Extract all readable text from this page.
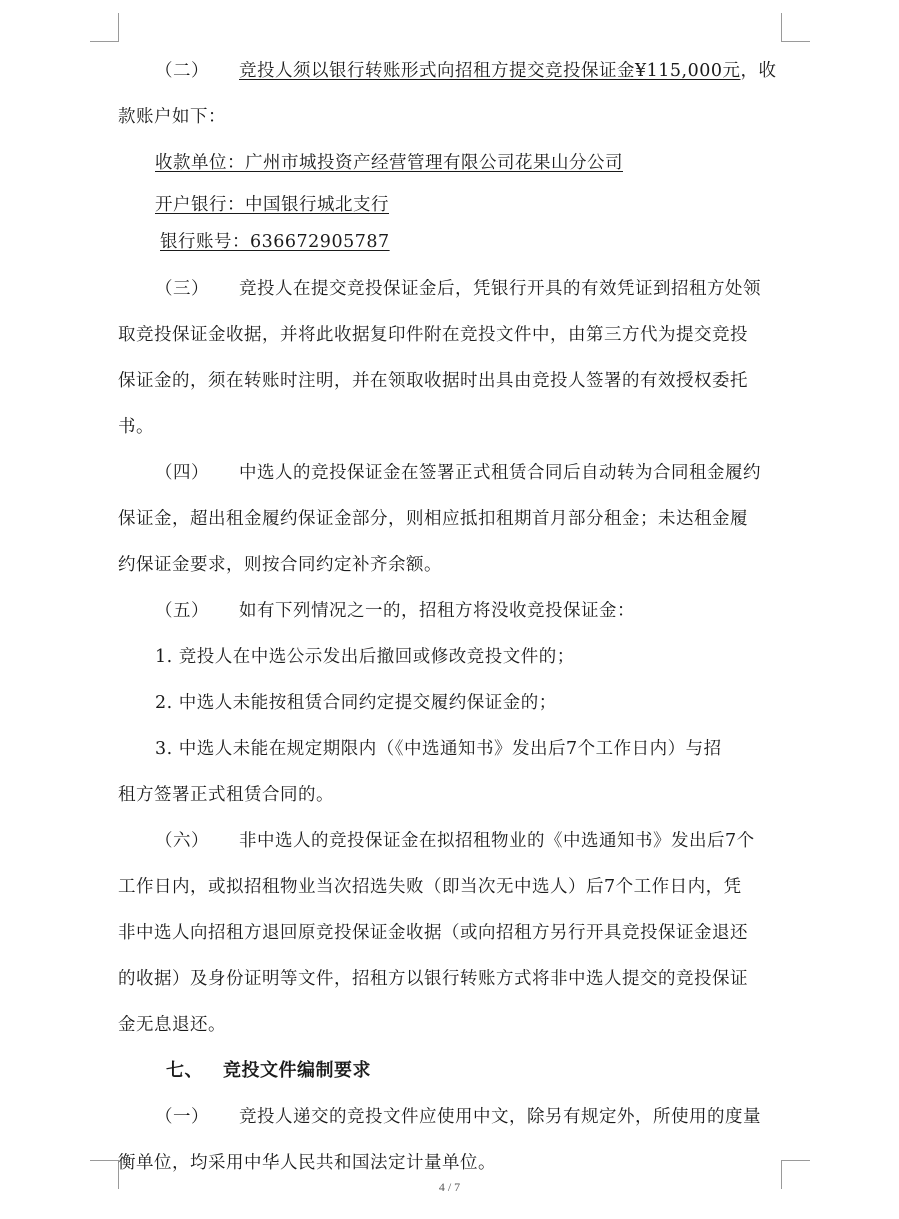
（二） 竞投人须以银行转账形式向招租方提交竞投保证金¥115,000元，收
款账户如下：
收款单位：广州市城投资产经营管理有限公司花果山分公司
开户银行：中国银行城北支行
银行账号：636672905787
（三） 竞投人在提交竞投保证金后，凭银行开具的有效凭证到招租方处领
取竞投保证金收据，并将此收据复印件附在竞投文件中，由第三方代为提交竞投
保证金的，须在转账时注明，并在领取收据时出具由竞投人签署的有效授权委托
书。
（四） 中选人的竞投保证金在签署正式租赁合同后自动转为合同租金履约
保证金，超出租金履约保证金部分，则相应抵扣租期首月部分租金；未达租金履
约保证金要求，则按合同约定补齐余额。
（五） 如有下列情况之一的，招租方将没收竞投保证金：
1. 竞投人在中选公示发出后撤回或修改竞投文件的；
2. 中选人未能按租赁合同约定提交履约保证金的；
3. 中选人未能在规定期限内（《中选通知书》发出后7个工作日内）与招
租方签署正式租赁合同的。
（六） 非中选人的竞投保证金在拟招租物业的《中选通知书》发出后7个
工作日内，或拟招租物业当次招选失败（即当次无中选人）后7个工作日内，凭
非中选人向招租方退回原竞投保证金收据（或向招租方另行开具竞投保证金退还
的收据）及身份证明等文件，招租方以银行转账方式将非中选人提交的竞投保证
金无息退还。
七、 竞投文件编制要求
（一） 竞投人递交的竞投文件应使用中文，除另有规定外，所使用的度量
衡单位，均采用中华人民共和国法定计量单位。
4 / 7
